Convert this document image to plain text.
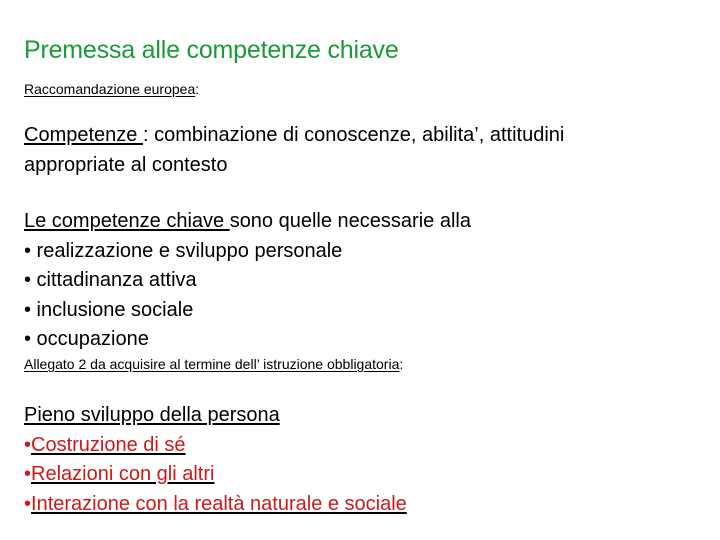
Premessa alle competenze chiave
Raccomandazione europea:
Competenze : combinazione di conoscenze, abilita’, attitudini
appropriate al contesto
Le competenze chiave sono quelle necessarie alla
• realizzazione e sviluppo personale
• cittadinanza attiva
• inclusione sociale
• occupazione
Allegato 2 da acquisire al termine dell’ istruzione obbligatoria:
Pieno sviluppo della persona
•Costruzione di sé
•Relazioni con gli altri
•Interazione con la realtà naturale e sociale
